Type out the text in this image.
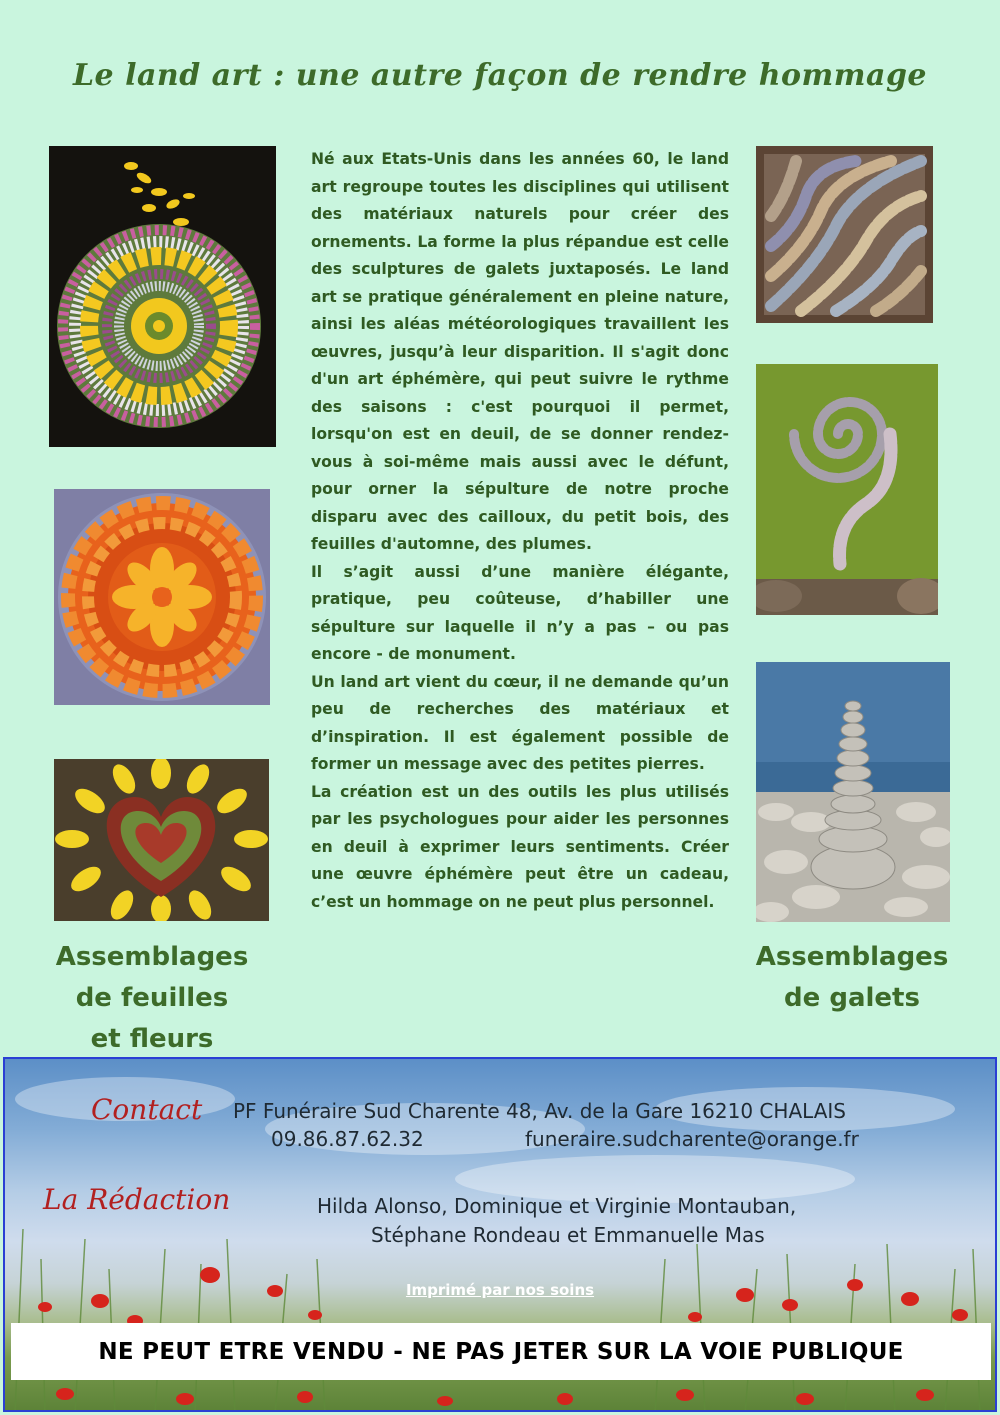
Le land art : une autre façon de rendre hommage

Né aux Etats-Unis dans les années 60, le land art regroupe toutes les disciplines qui utilisent des matériaux naturels pour créer des ornements. La forme la plus répandue est celle des sculptures de galets juxtaposés. Le land art se pratique généralement en pleine nature, ainsi les aléas météorologiques travaillent les œuvres, jusqu’à leur disparition. Il s'agit donc d'un art éphémère, qui peut suivre le rythme des saisons : c'est pourquoi il permet, lorsqu'on est en deuil, de se donner rendez-vous à soi-même mais aussi avec le défunt, pour orner la sépulture de notre proche disparu avec des cailloux, du petit bois, des feuilles d'automne, des plumes.

Il s’agit aussi d’une manière élégante, pratique, peu coûteuse, d’habiller une sépulture sur laquelle il n’y a pas – ou pas encore - de monument.

Un land art vient du cœur, il ne demande qu’un peu de recherches des matériaux et d’inspiration. Il est également possible de former un message avec des petites pierres.

La création est un des outils les plus utilisés par les psychologues pour aider les personnes en deuil à exprimer leurs sentiments. Créer une œuvre éphémère peut être un cadeau, c’est un hommage on ne peut plus personnel.

Assemblages
de feuilles
et fleurs
Assemblages
de galets
Contact PF Funéraire Sud Charente 48, Av. de la Gare 16210 CHALAIS
09.86.87.62.32	funeraire.sudcharente@orange.fr
La Rédaction	Hilda Alonso, Dominique et Virginie Montauban,
Stéphane Rondeau et Emmanuelle Mas
Imprimé par nos soins
NE PEUT ETRE VENDU - NE PAS JETER SUR LA VOIE PUBLIQUE
